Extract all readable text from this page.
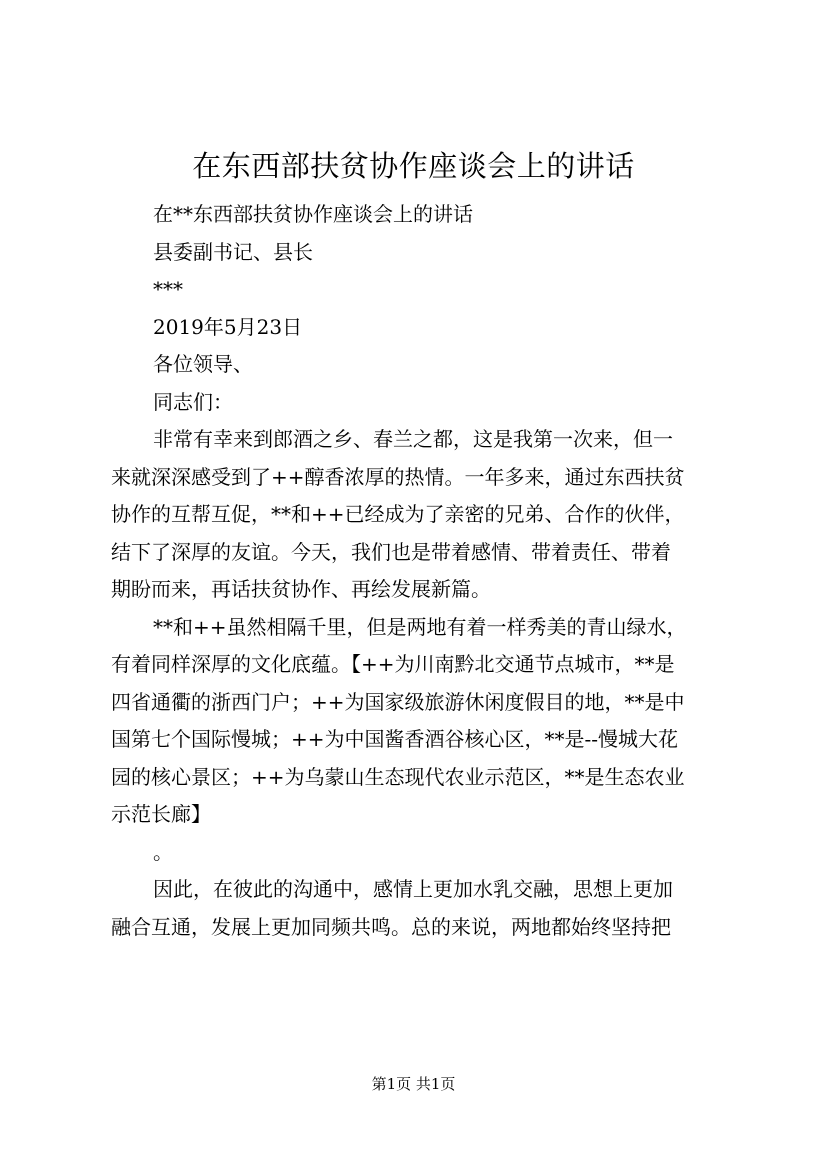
在东西部扶贫协作座谈会上的讲话
在**东西部扶贫协作座谈会上的讲话
县委副书记、县长
***
2019年5月23日
各位领导、
同志们：
非常有幸来到郎酒之乡、春兰之都，这是我第一次来，但一
来就深深感受到了++醇香浓厚的热情。一年多来，通过东西扶贫
协作的互帮互促，**和++已经成为了亲密的兄弟、合作的伙伴，
结下了深厚的友谊。今天，我们也是带着感情、带着责任、带着
期盼而来，再话扶贫协作、再绘发展新篇。
**和++虽然相隔千里，但是两地有着一样秀美的青山绿水，
有着同样深厚的文化底蕴。【++为川南黔北交通节点城市，**是
四省通衢的浙西门户；++为国家级旅游休闲度假目的地，**是中
国第七个国际慢城；++为中国酱香酒谷核心区，**是--慢城大花
园的核心景区；++为乌蒙山生态现代农业示范区，**是生态农业
示范长廊】
。
因此，在彼此的沟通中，感情上更加水乳交融，思想上更加
融合互通，发展上更加同频共鸣。总的来说，两地都始终坚持把
第1页 共1页
